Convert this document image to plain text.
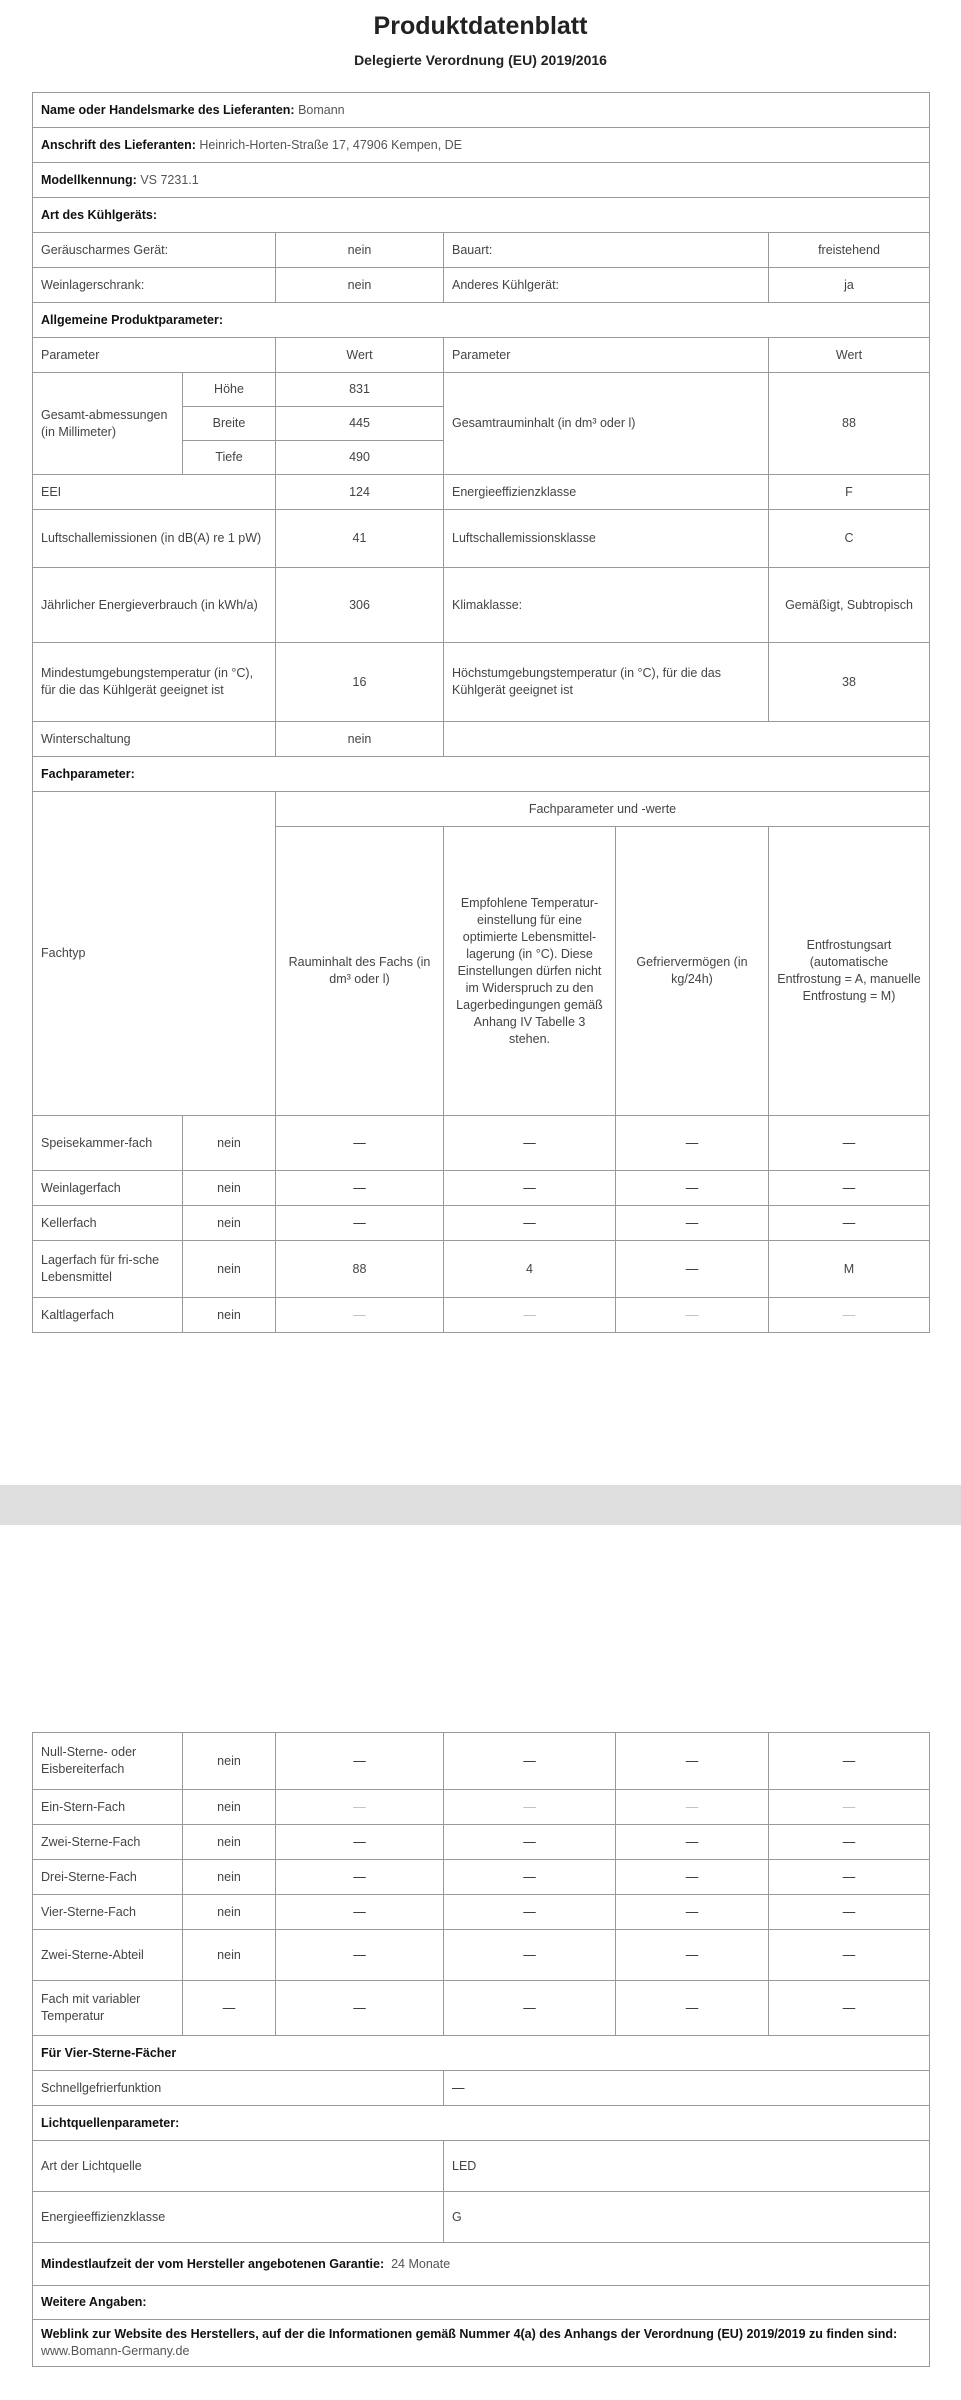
Produktdatenblatt
Delegierte Verordnung (EU) 2019/2016
Name oder Handelsmarke des Lieferanten: Bomann					
Anschrift des Lieferanten: Heinrich-Horten-Straße 17, 47906 Kempen, DE					
Modellkennung: VS 7231.1					
Art des Kühlgeräts:					
Geräuscharmes Gerät:		nein	Bauart:		freistehend
Weinlagerschrank:		nein	Anderes Kühlgerät:		ja
Allgemeine Produktparameter:					
Parameter		Wert	Parameter		Wert
Gesamt-abmessungen (in Millimeter)	Höhe	831	Gesamtrauminhalt (in dm³ oder l)		88
	Breite	445			
	Tiefe	490			
EEI		124	Energieeffizienzklasse		F
Luftschallemissionen (in dB(A) re 1 pW)		41	Luftschallemissionsklasse		C
Jährlicher Energieverbrauch (in kWh/a)		306	Klimaklasse:		Gemäßigt, Subtropisch
Mindestumgebungstemperatur (in °C), für die das Kühlgerät geeignet ist		16	Höchstumgebungstemperatur (in °C), für die das Kühlgerät geeignet ist		38
Winterschaltung		nein			
Fachparameter:					
Fachtyp		Fachparameter und -werte			
		Rauminhalt des Fachs (in dm³ oder l)	Empfohlene Temperatur-einstellung für eine optimierte Lebensmittel-lagerung (in °C). Diese Einstellungen dürfen nicht im Widerspruch zu den Lagerbedingungen gemäß Anhang IV Tabelle 3 stehen.	Gefriervermögen (in kg/24h)	Entfrostungsart (automatische Entfrostung = A, manuelle Entfrostung = M)
Speisekammer-fach	nein	—	—	—	—
Weinlagerfach	nein	—	—	—	—
Kellerfach	nein	—	—	—	—
Lagerfach für fri-sche Lebensmittel	nein	88	4	—	M
Kaltlagerfach	nein	—	—	—	—
Null-Sterne- oder Eisbereiterfach	nein	—	—	—	—
Ein-Stern-Fach	nein	—	—	—	—
Zwei-Sterne-Fach	nein	—	—	—	—
Drei-Sterne-Fach	nein	—	—	—	—
Vier-Sterne-Fach	nein	—	—	—	—
Zwei-Sterne-Abteil	nein	—	—	—	—
Fach mit variabler Temperatur	—	—	—	—	—
Für Vier-Sterne-Fächer					
Schnellgefrierfunktion			—		
Lichtquellenparameter:					
Art der Lichtquelle			LED		
Energieeffizienzklasse			G		
Mindestlaufzeit der vom Hersteller angebotenen Garantie: 24 Monate					
Weitere Angaben:					
Weblink zur Website des Herstellers, auf der die Informationen gemäß Nummer 4(a) des Anhangs der Verordnung (EU) 2019/2019 zu finden sind:  www.Bomann-Germany.de					
